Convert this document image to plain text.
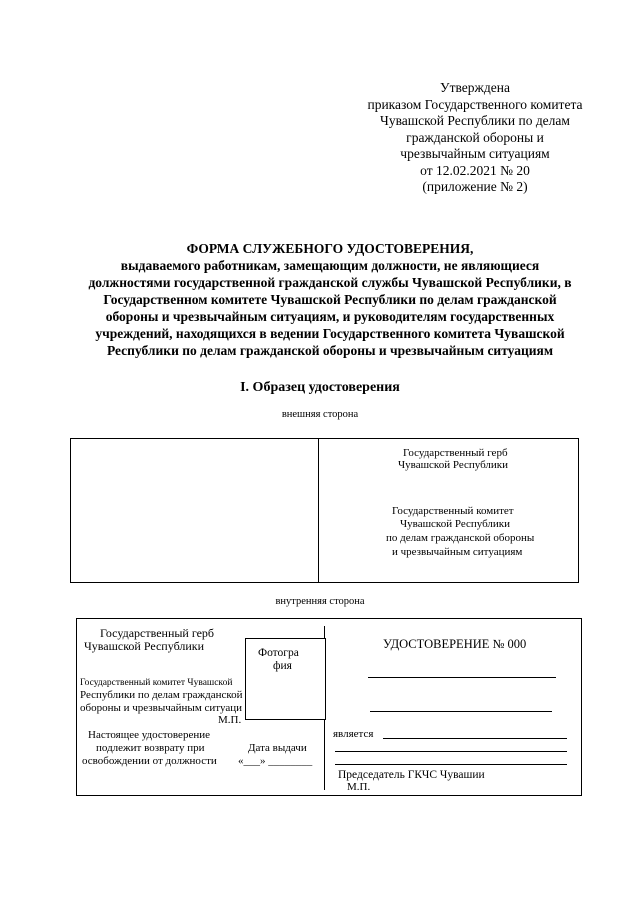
Утверждена
приказом Государственного комитета
Чувашской Республики по делам
гражданской обороны и
чрезвычайным ситуациям
от 12.02.2021 № 20
(приложение № 2)
ФОРМА СЛУЖЕБНОГО УДОСТОВЕРЕНИЯ,
выдаваемого работникам, замещающим должности, не являющиеся
должностями государственной гражданской службы Чувашской Республики, в
Государственном комитете Чувашской Республики по делам гражданской
обороны и чрезвычайным ситуациям, и руководителям государственных
учреждений, находящихся в ведении Государственного комитета Чувашской
Республики по делам гражданской обороны и чрезвычайным ситуациям
I. Образец удостоверения
внешняя сторона
Государственный герб
Чувашской Республики
Государственный комитет
Чувашской Республики
по делам гражданской обороны
и чрезвычайным ситуациям
внутренняя сторона
Государственный герб
Чувашской Республики
Государственный комитет Чувашской
Республики по делам гражданской
обороны и чрезвычайным ситуаци
Фотогра
фия
М.П.
Настоящее удостоверение
подлежит возврату при
освобождении от должности
Дата выдачи
«___» ________
УДОСТОВЕРЕНИЕ № 000
является
Председатель ГКЧС Чувашии
М.П.
